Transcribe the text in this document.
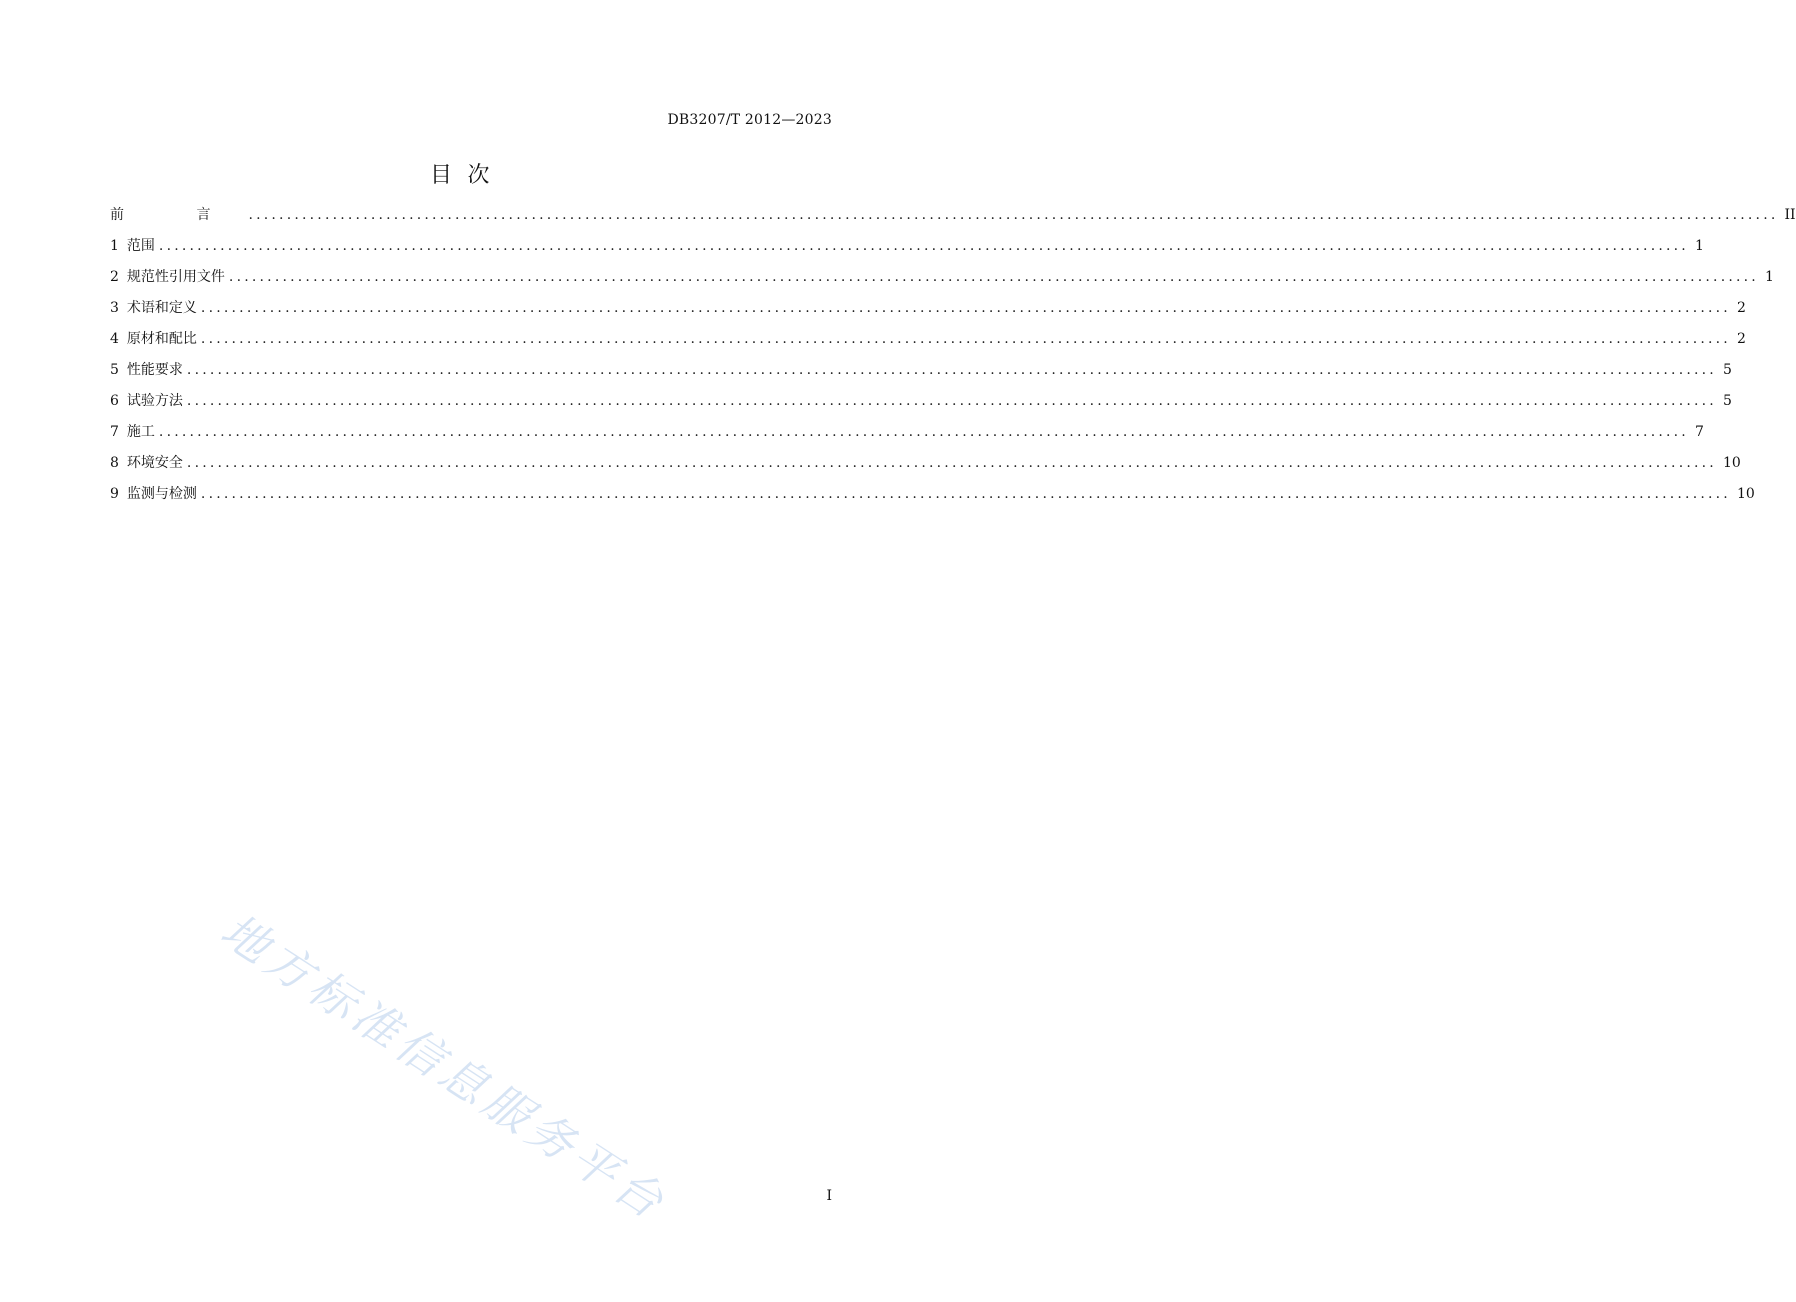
DB3207/T 2012—2023
目  次
前 言 ........................................................................................................................................................................................................ II
1 范围 ........................................................................................................................................................................................................ 1
2 规范性引用文件 ........................................................................................................................................................................................................ 1
3 术语和定义 ........................................................................................................................................................................................................ 2
4 原材和配比 ........................................................................................................................................................................................................ 2
5 性能要求 ........................................................................................................................................................................................................ 5
6 试验方法 ........................................................................................................................................................................................................ 5
7 施工 ........................................................................................................................................................................................................ 7
8 环境安全 ........................................................................................................................................................................................................ 10
9 监测与检测 ........................................................................................................................................................................................................ 10
地方标准信息服务平台	I
